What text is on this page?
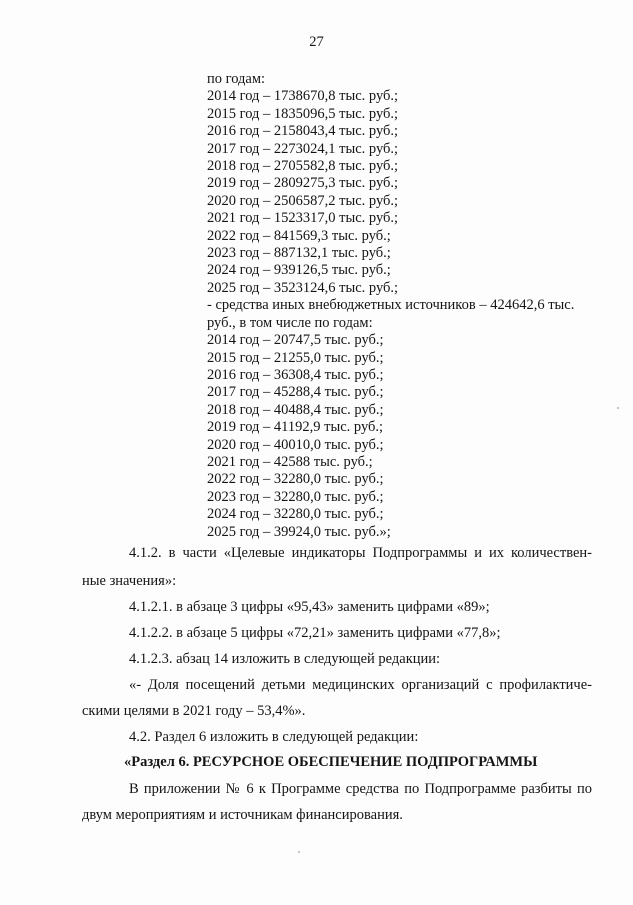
27
по годам:
2014 год – 1738670,8 тыс. руб.;
2015 год – 1835096,5 тыс. руб.;
2016 год – 2158043,4 тыс. руб.;
2017 год – 2273024,1 тыс. руб.;
2018 год – 2705582,8 тыс. руб.;
2019 год – 2809275,3 тыс. руб.;
2020 год – 2506587,2 тыс. руб.;
2021 год – 1523317,0 тыс. руб.;
2022 год – 841569,3 тыс. руб.;
2023 год – 887132,1 тыс. руб.;
2024 год – 939126,5 тыс. руб.;
2025 год – 3523124,6 тыс. руб.;
- средства иных внебюджетных источников – 424642,6 тыс.
руб., в том числе по годам:
2014 год – 20747,5 тыс. руб.;
2015 год – 21255,0 тыс. руб.;
2016 год – 36308,4 тыс. руб.;
2017 год – 45288,4 тыс. руб.;
2018 год – 40488,4 тыс. руб.;
2019 год – 41192,9 тыс. руб.;
2020 год – 40010,0 тыс. руб.;
2021 год – 42588 тыс. руб.;
2022 год – 32280,0 тыс. руб.;
2023 год – 32280,0 тыс. руб.;
2024 год – 32280,0 тыс. руб.;
2025 год – 39924,0 тыс. руб.»;
4.1.2. в части «Целевые индикаторы Подпрограммы и их количествен-
ные значения»:
4.1.2.1. в абзаце 3 цифры «95,43» заменить цифрами «89»;
4.1.2.2. в абзаце 5 цифры «72,21» заменить цифрами «77,8»;
4.1.2.3. абзац 14 изложить в следующей редакции:
«- Доля посещений детьми медицинских организаций с профилактиче-
скими целями в 2021 году – 53,4%».
4.2. Раздел 6 изложить в следующей редакции:
«Раздел 6. РЕСУРСНОЕ ОБЕСПЕЧЕНИЕ ПОДПРОГРАММЫ
В приложении № 6 к Программе средства по Подпрограмме разбиты по
двум мероприятиям и источникам финансирования.
